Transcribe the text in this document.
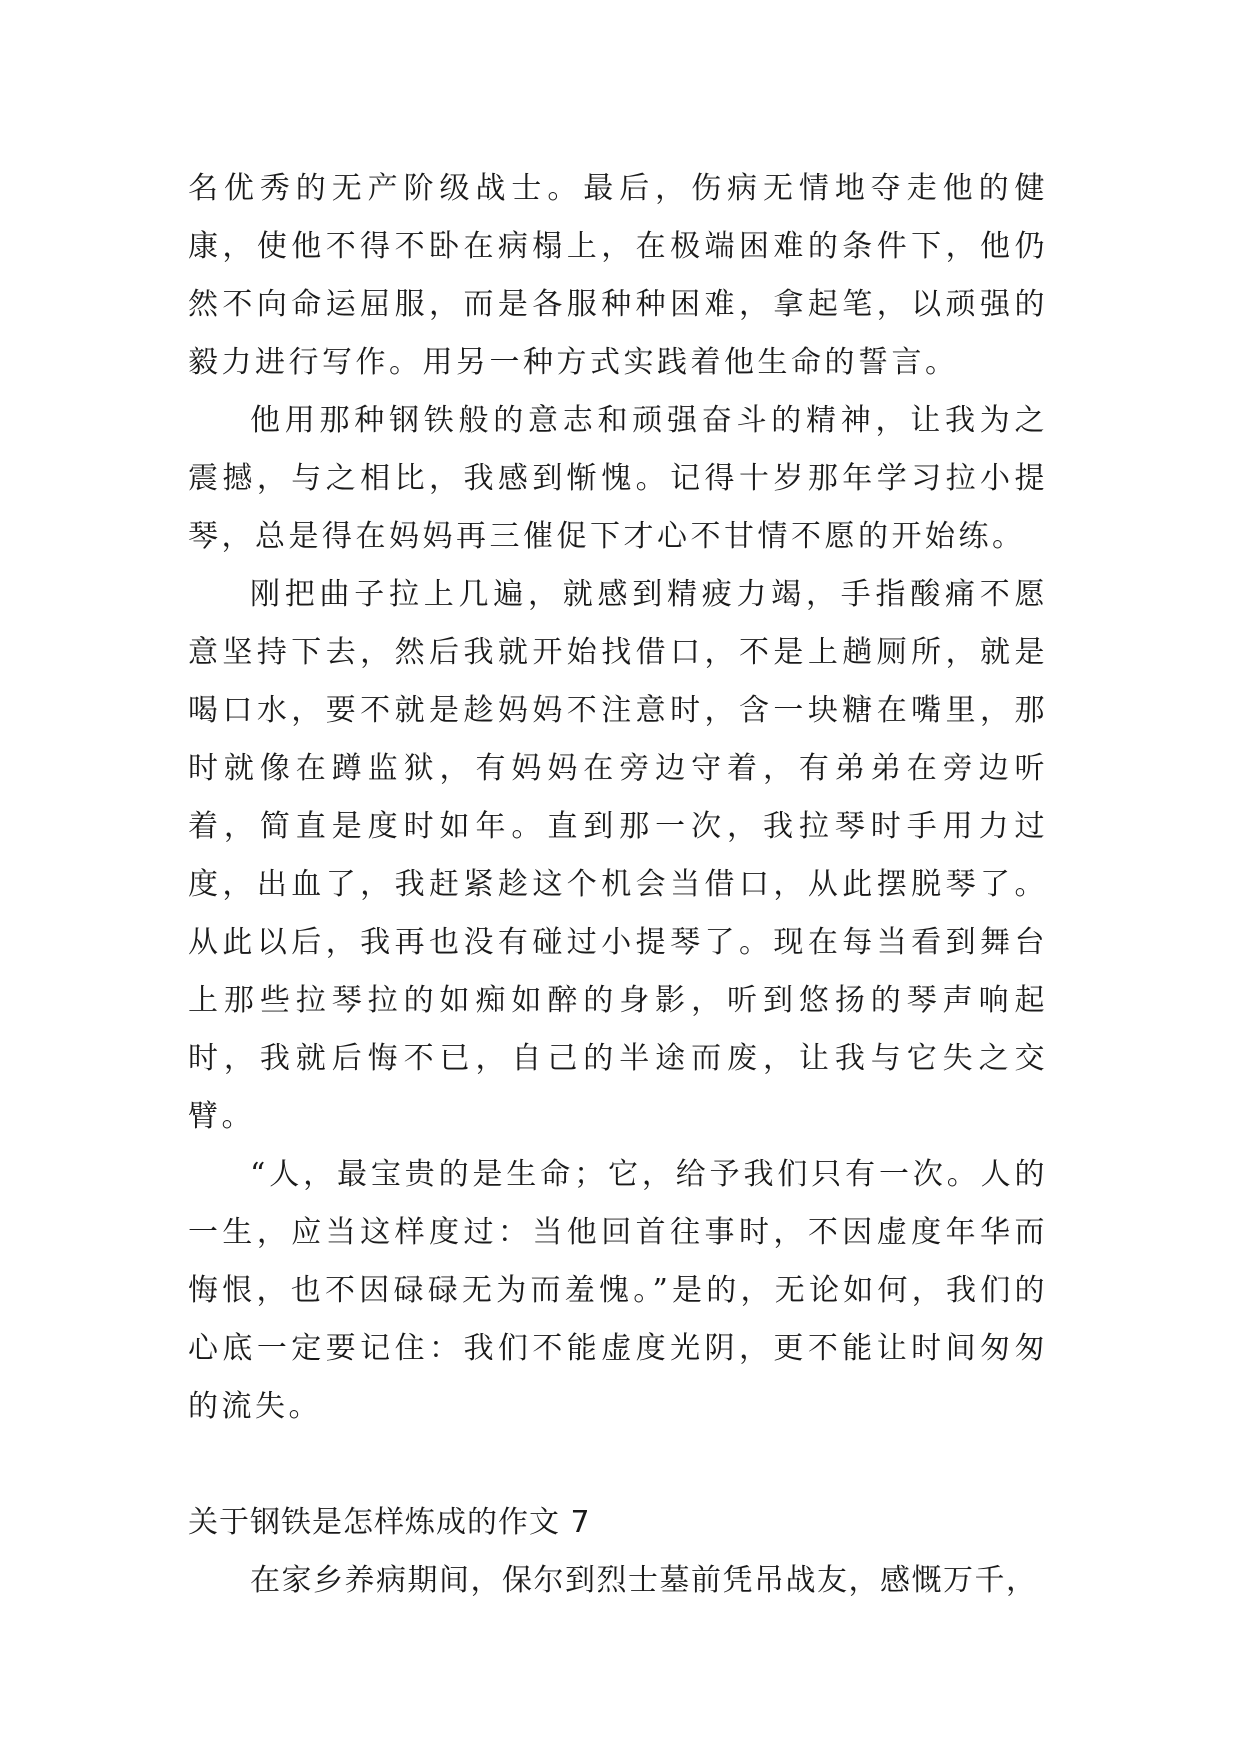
名优秀的无产阶级战士。最后，伤病无情地夺走他的健康，使他不得不卧在病榻上，在极端困难的条件下，他仍然不向命运屈服，而是各服种种困难，拿起笔，以顽强的毅力进行写作。用另一种方式实践着他生命的誓言。

他用那种钢铁般的意志和顽强奋斗的精神，让我为之震撼，与之相比，我感到惭愧。记得十岁那年学习拉小提琴，总是得在妈妈再三催促下才心不甘情不愿的开始练。

刚把曲子拉上几遍，就感到精疲力竭，手指酸痛不愿意坚持下去，然后我就开始找借口，不是上趟厕所，就是喝口水，要不就是趁妈妈不注意时，含一块糖在嘴里，那时就像在蹲监狱，有妈妈在旁边守着，有弟弟在旁边听着，简直是度时如年。直到那一次，我拉琴时手用力过度，出血了，我赶紧趁这个机会当借口，从此摆脱琴了。从此以后，我再也没有碰过小提琴了。现在每当看到舞台上那些拉琴拉的如痴如醉的身影，听到悠扬的琴声响起时，我就后悔不已，自己的半途而废，让我与它失之交臂。

“人，最宝贵的是生命；它，给予我们只有一次。人的一生，应当这样度过：当他回首往事时，不因虚度年华而悔恨，也不因碌碌无为而羞愧。”是的，无论如何，我们的心底一定要记住：我们不能虚度光阴，更不能让时间匆匆的流失。

关于钢铁是怎样炼成的作文 7

在家乡养病期间，保尔到烈士墓前凭吊战友，感慨万千，
